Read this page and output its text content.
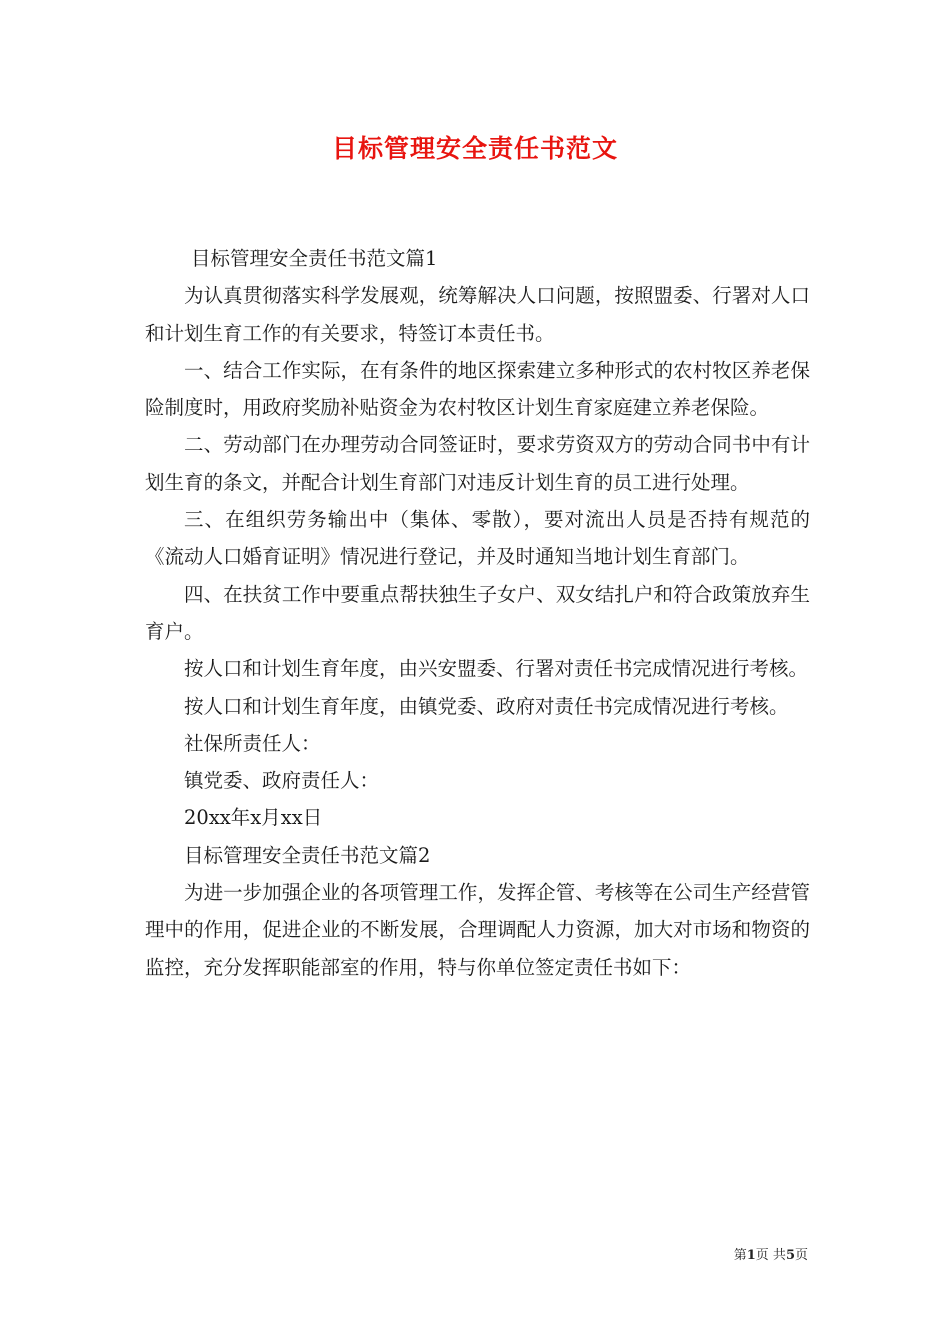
目标管理安全责任书范文

目标管理安全责任书范文篇1

为认真贯彻落实科学发展观，统筹解决人口问题，按照盟委、行署对人口和计划生育工作的有关要求，特签订本责任书。

一、结合工作实际，在有条件的地区探索建立多种形式的农村牧区养老保险制度时，用政府奖励补贴资金为农村牧区计划生育家庭建立养老保险。

二、劳动部门在办理劳动合同签证时，要求劳资双方的劳动合同书中有计划生育的条文，并配合计划生育部门对违反计划生育的员工进行处理。

三、在组织劳务输出中（集体、零散），要对流出人员是否持有规范的《流动人口婚育证明》情况进行登记，并及时通知当地计划生育部门。

四、在扶贫工作中要重点帮扶独生子女户、双女结扎户和符合政策放弃生育户。

按人口和计划生育年度，由兴安盟委、行署对责任书完成情况进行考核。

按人口和计划生育年度，由镇党委、政府对责任书完成情况进行考核。

社保所责任人：

镇党委、政府责任人：

20xx年x月xx日

目标管理安全责任书范文篇2

为进一步加强企业的各项管理工作，发挥企管、考核等在公司生产经营管理中的作用，促进企业的不断发展，合理调配人力资源，加大对市场和物资的监控，充分发挥职能部室的作用，特与你单位签定责任书如下：

第1页 共5页
